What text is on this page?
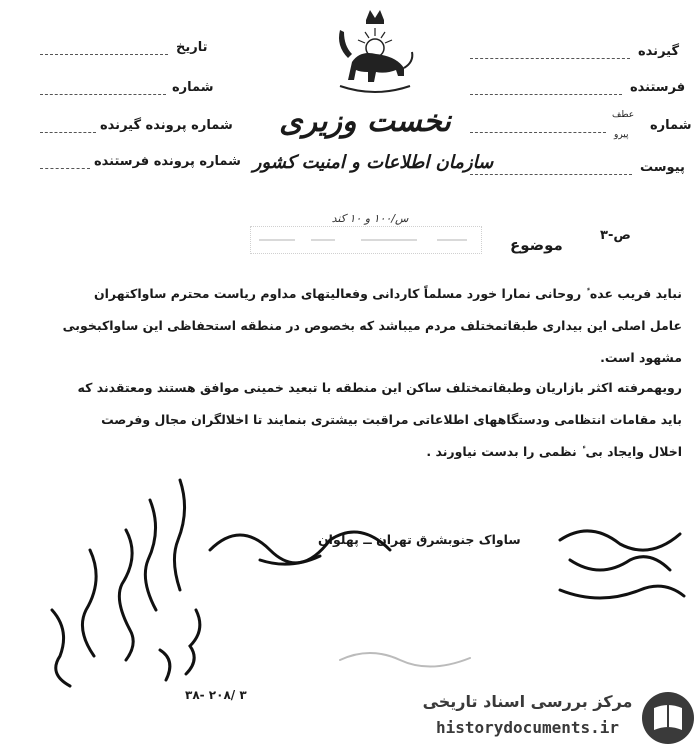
نخست وزیری
سازمان اطلاعات و امنیت کشور
س/۱۰۰ و ۱۰ کند
تاریخ
شماره
شماره پرونده گیرنده
شماره پرونده فرستنده
گیرنده
فرستنده
شماره
عطف
پیرو
پیوست
موضوع
ص-۳
نباید فریب عده ٔ روحانی نمارا خورد مسلماً کاردانی وفعالیتهای مداوم ریاست محترم ساواکتهران
عامل اصلی این بیداری طبقاتمختلف مردم میباشد که بخصوص در منطقه استحفاظی این ساواکبخوبی
مشهود است.
رویهمرفته اکثر بازاریان وطبقاتمختلف ساکن این منطقه با تبعید خمینی موافق هستند ومعتقدند که
باید مقامات انتظامی ودستگاههای اطلاعاتی مراقبت بیشتری بنمایند تا اخلالگران مجال وفرصت
اخلال وایجاد بی ٔ نظمی را بدست نیاورند .
ساواک جنوبشرق تهران ــ پهلوان
۳۸- ۲۰۸/ ۳	مرکز بررسی اسناد تاریخی
historydocuments.ir
